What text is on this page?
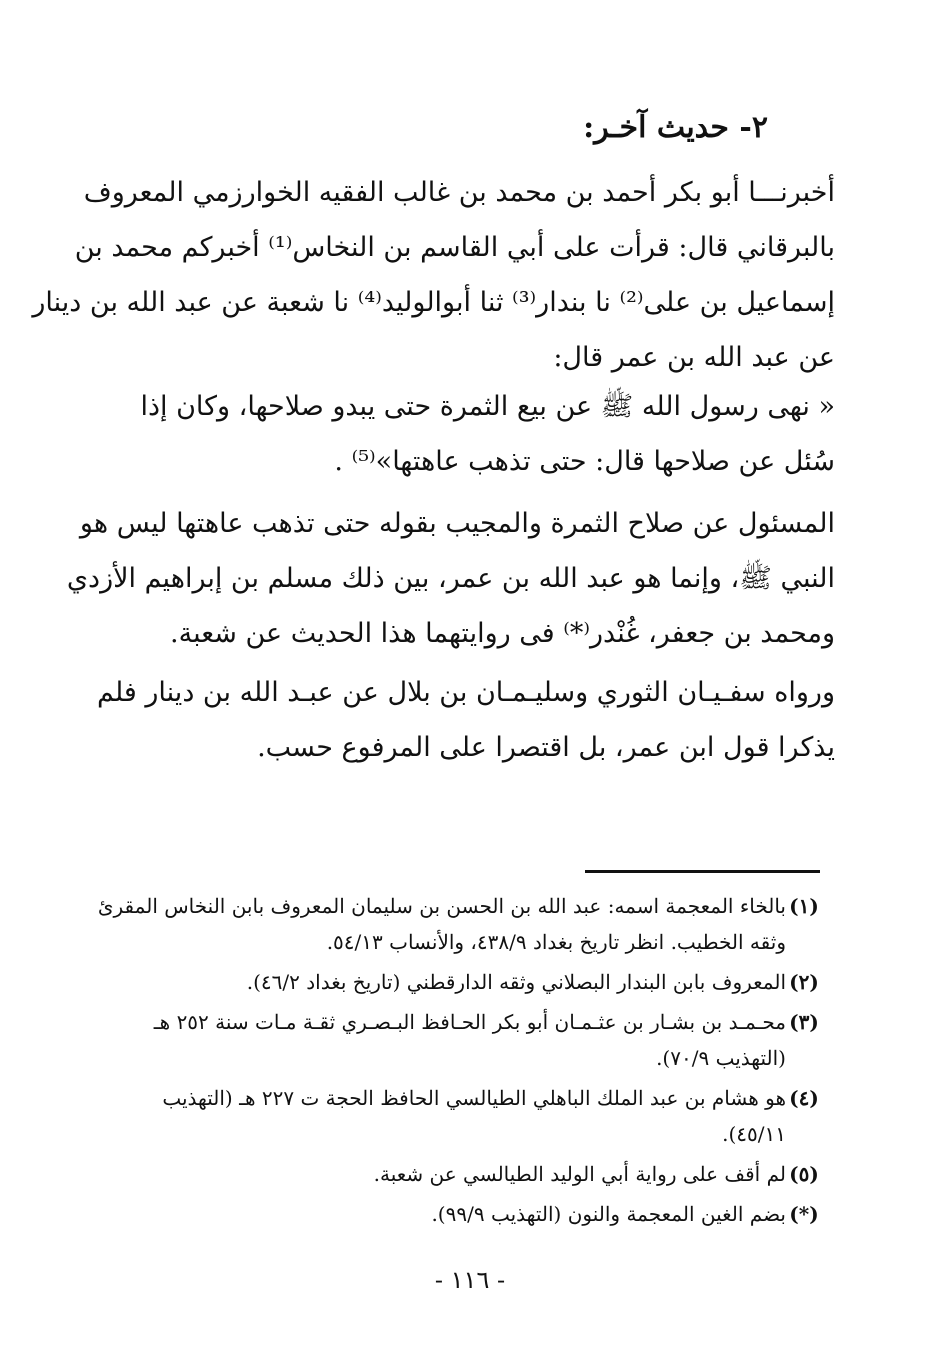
٢- حديث آخـر:
أخبرنـــا أبو بكر أحمد بن محمد بن غالب الفقيه الخوارزمي المعروف
بالبرقاني قال: قرأت على أبي القاسم بن النخاس⁽¹⁾ أخبركم محمد بن
إسماعيل بن على⁽²⁾ نا بندار⁽³⁾ ثنا أبوالوليد⁽⁴⁾ نا شعبة عن عبد الله بن دينار
عن عبد الله بن عمر قال:
« نهى رسول الله ﷺ عن بيع الثمرة حتى يبدو صلاحها، وكان إذا
سُئل عن صلاحها قال: حتى تذهب عاهتها»⁽⁵⁾ .
المسئول عن صلاح الثمرة والمجيب بقوله حتى تذهب عاهتها ليس هو
النبي ﷺ، وإنما هو عبد الله بن عمر، بين ذلك مسلم بن إبراهيم الأزدي
ومحمد بن جعفر، غُنْدر⁽*⁾ فى روايتهما هذا الحديث عن شعبة.
ورواه سفـيـان الثوري وسليـمـان بن بلال عن عبـد الله بن دينار فلم
يذكرا قول ابن عمر، بل اقتصرا على المرفوع حسب.
(١)
بالخاء المعجمة اسمه: عبد الله بن الحسن بن سليمان المعروف بابن النخاس المقرئ
وثقه الخطيب. انظر تاريخ بغداد ٤٣٨/٩، والأنساب ٥٤/١٣.
(٢)
المعروف بابن البندار البصلاني وثقه الدارقطني (تاريخ بغداد ٤٦/٢).
(٣)
محـمـد بن بشـار بن عثـمـان أبو بكر الحـافظ البـصـري ثقـة مـات سنة ٢٥٢ هـ
(التهذيب ٧٠/٩).
(٤)
هو هشام بن عبد الملك الباهلي الطيالسي الحافظ الحجة ت ٢٢٧ هـ (التهذيب
٤٥/١١).
(٥)
لم أقف على رواية أبي الوليد الطيالسي عن شعبة.
(*)
بضم الغين المعجمة والنون (التهذيب ٩٩/٩).
- ١١٦ -
